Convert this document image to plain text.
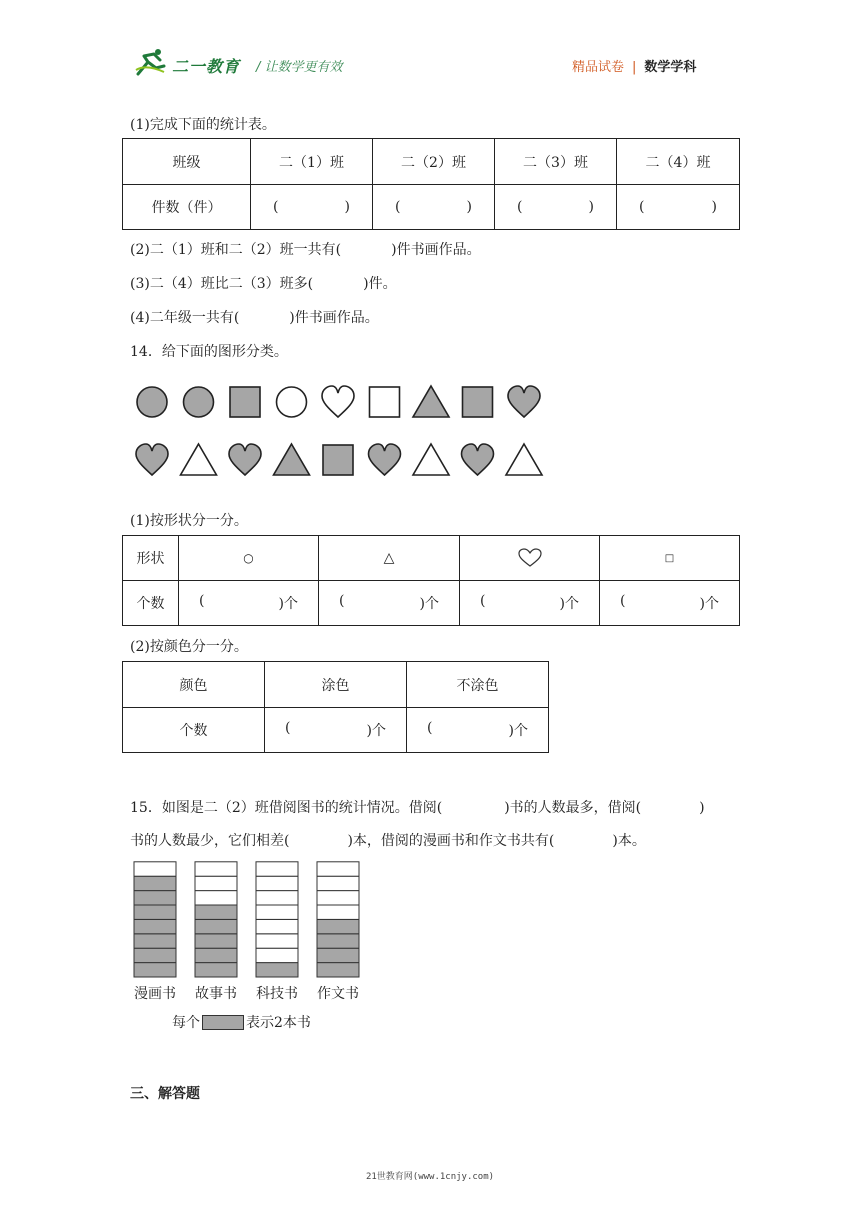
二一教育 / 让数学更有效	精品试卷 | 数学学科
(1)完成下面的统计表。
班级	二（1）班	二（2）班	二（3）班	二（4）班
件数（件）	( )	( )	( )	( )
(2)二（1）班和二（2）班一共有(	)件书画作品。
(3)二（4）班比二（3）班多(	)件。
(4)二年级一共有(	)件书画作品。
14．给下面的图形分类。
(1)按形状分一分。
形状	○	△		□
个数	( )个	( )个	( )个	( )个
(2)按颜色分一分。
颜色	涂色	不涂色
个数	( )个	( )个
15．如图是二（2）班借阅图书的统计情况。借阅(	)书的人数最多，借阅(	)
书的人数最少，它们相差(	)本，借阅的漫画书和作文书共有(	)本。
漫画书 故事书 科技书 作文书
每个	表示2本书
三、解答题
21世教育网(www.1cnjy.com)
